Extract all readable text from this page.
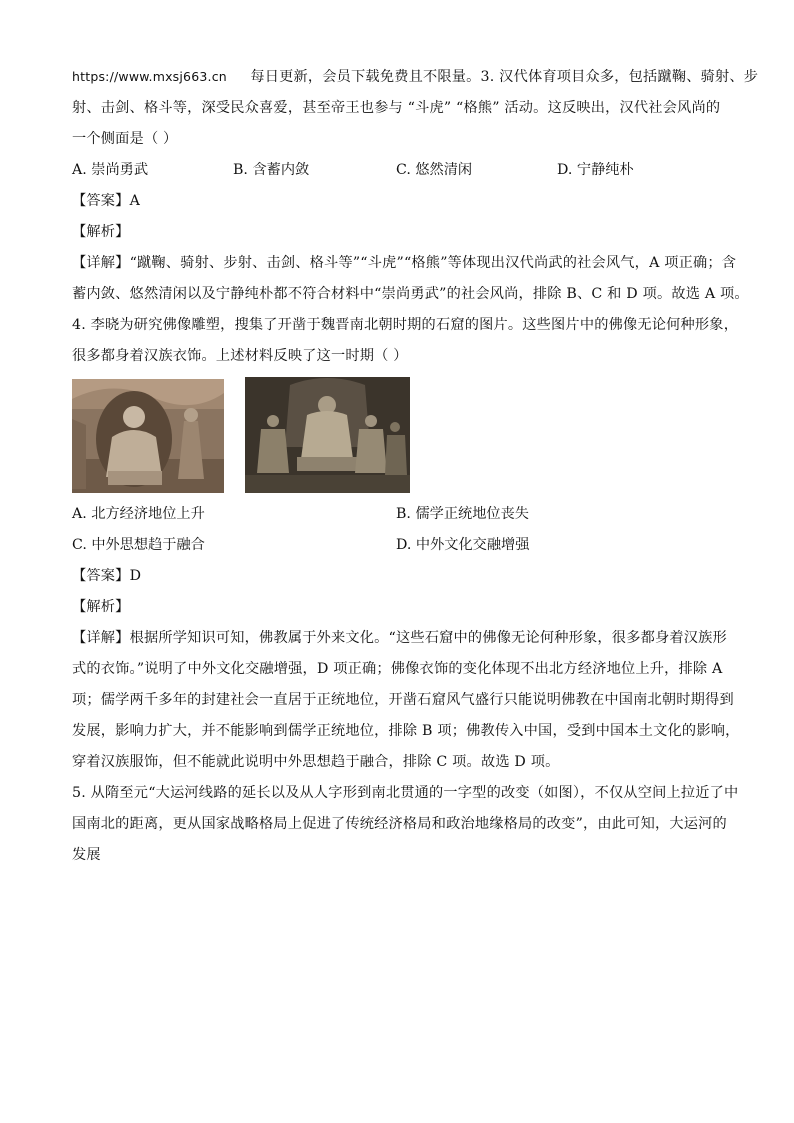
https://www.mxsj663.cn 每日更新，会员下载免费且不限量。3. 汉代体育项目众多，包括蹴鞠、骑射、步
射、击剑、格斗等，深受民众喜爱，甚至帝王也参与 “斗虎” “格熊” 活动。这反映出，汉代社会风尚的
一个侧面是（ ）
A. 崇尚勇武	B. 含蓄内敛	C. 悠然清闲	D. 宁静纯朴
【答案】A
【解析】
【详解】“蹴鞠、骑射、步射、击剑、格斗等”“斗虎”“格熊”等体现出汉代尚武的社会风气，A 项正确；含
蓄内敛、悠然清闲以及宁静纯朴都不符合材料中“崇尚勇武”的社会风尚，排除 B、C 和 D 项。故选 A 项。
4. 李晓为研究佛像雕塑，搜集了开凿于魏晋南北朝时期的石窟的图片。这些图片中的佛像无论何种形象，
很多都身着汉族衣饰。上述材料反映了这一时期（ ）
A. 北方经济地位上升	B. 儒学正统地位丧失
C. 中外思想趋于融合	D. 中外文化交融增强
【答案】D
【解析】
【详解】根据所学知识可知，佛教属于外来文化。“这些石窟中的佛像无论何种形象，很多都身着汉族形
式的衣饰。”说明了中外文化交融增强，D 项正确；佛像衣饰的变化体现不出北方经济地位上升，排除 A
项；儒学两千多年的封建社会一直居于正统地位，开凿石窟风气盛行只能说明佛教在中国南北朝时期得到
发展，影响力扩大，并不能影响到儒学正统地位，排除 B 项；佛教传入中国，受到中国本土文化的影响，
穿着汉族服饰，但不能就此说明中外思想趋于融合，排除 C 项。故选 D 项。
5. 从隋至元“大运河线路的延长以及从人字形到南北贯通的一字型的改变（如图），不仅从空间上拉近了中
国南北的距离，更从国家战略格局上促进了传统经济格局和政治地缘格局的改变”，由此可知，大运河的
发展
